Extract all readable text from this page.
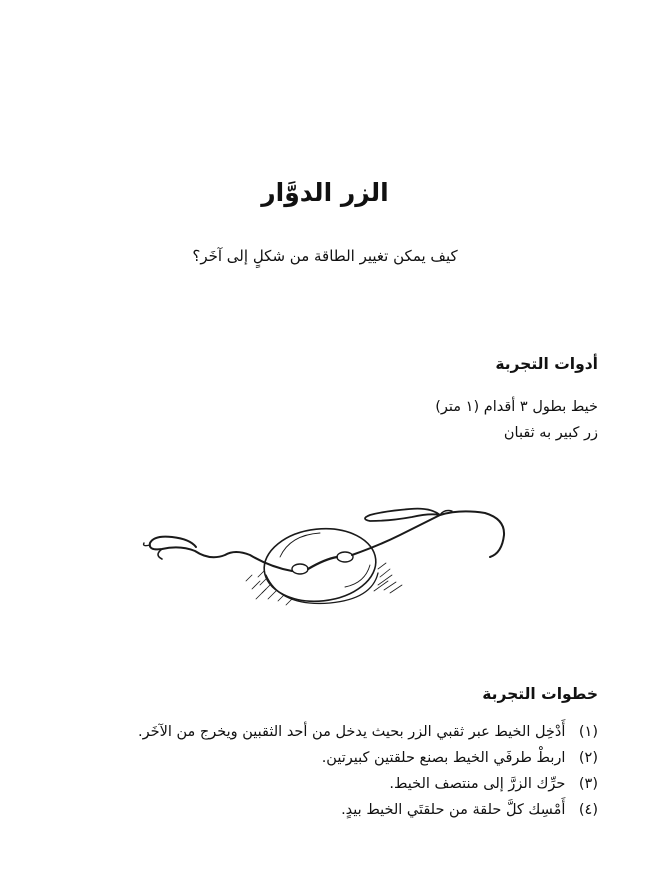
الزر الدوَّار

كيف يمكن تغيير الطاقة من شكلٍ إلى آخَر؟

أدوات التجربة
خيط بطول ٣ أقدام (١ متر)
زر كبير به ثقبان
خطوات التجربة
(١) أَدْخِل الخيط عبر ثقبي الزر بحيث يدخل من أحد الثقبين ويخرج من الآخَر.
(٢) اربطْ طرفَي الخيط بصنع حلقتين كبيرتين.
(٣) حرِّك الزرَّ إلى منتصف الخيط.
(٤) أَمْسِك كلَّ حلقة من حلقتَي الخيط بيدٍ.
